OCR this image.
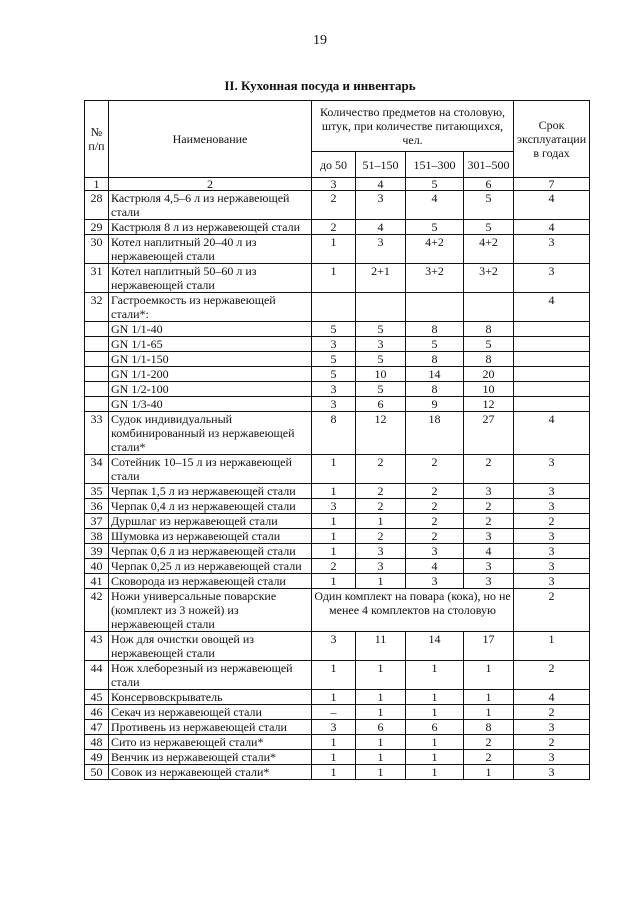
19
II. Кухонная посуда и инвентарь
№ п/п	Наименование	Количество предметов на столовую, штук, при количестве питающихся, чел.				Срок эксплуатации в годах
		до 50	51–150	151–300	301–500	
1	2	3	4	5	6	7
28	Кастрюля 4,5–6 л из нержавеющей стали	2	3	4	5	4
29	Кастрюля 8 л из нержавеющей стали	2	4	5	5	4
30	Котел наплитный 20–40 л из нержавеющей стали	1	3	4+2	4+2	3
31	Котел наплитный 50–60 л из нержавеющей стали	1	2+1	3+2	3+2	3
32	Гастроемкость из нержавеющей стали*:					4
	GN 1/1-40	5	5	8	8	
	GN 1/1-65	3	3	5	5	
	GN 1/1-150	5	5	8	8	
	GN 1/1-200	5	10	14	20	
	GN 1/2-100	3	5	8	10	
	GN 1/3-40	3	6	9	12	
33	Судок индивидуальный комбинированный из нержавеющей стали*	8	12	18	27	4
34	Сотейник 10–15 л из нержавеющей стали	1	2	2	2	3
35	Черпак 1,5 л из нержавеющей стали	1	2	2	3	3
36	Черпак 0,4 л из нержавеющей стали	3	2	2	2	3
37	Дуршлаг из нержавеющей стали	1	1	2	2	2
38	Шумовка из нержавеющей стали	1	2	2	3	3
39	Черпак 0,6 л из нержавеющей стали	1	3	3	4	3
40	Черпак 0,25 л из нержавеющей стали	2	3	4	3	3
41	Сковорода из нержавеющей стали	1	1	3	3	3
42	Ножи универсальные поварские (комплект из 3 ножей) из нержавеющей стали	Один комплект на повара (кока), но не менее 4 комплектов на столовую				2
43	Нож для очистки овощей из нержавеющей стали	3	11	14	17	1
44	Нож хлеборезный из нержавеющей стали	1	1	1	1	2
45	Консервовскрыватель	1	1	1	1	4
46	Секач из нержавеющей стали	–	1	1	1	2
47	Противень из нержавеющей стали	3	6	6	8	3
48	Сито из нержавеющей стали*	1	1	1	2	2
49	Венчик из нержавеющей стали*	1	1	1	2	3
50	Совок из нержавеющей стали*	1	1	1	1	3
